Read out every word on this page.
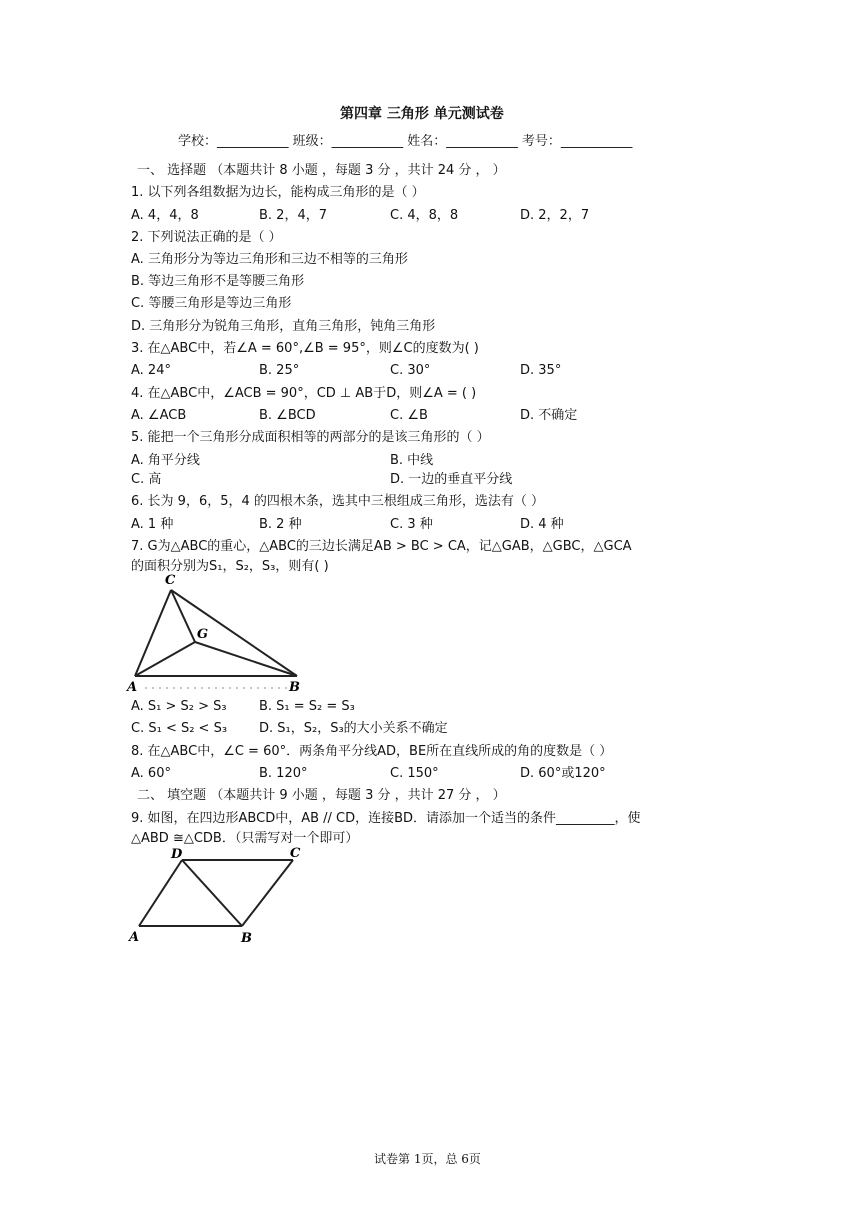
第四章 三角形 单元测试卷
学校：___________ 班级：___________ 姓名：___________ 考号：___________
一、 选择题 （本题共计 8 小题 ，每题 3 分 ，共计 24 分 ， ）
1. 以下列各组数据为边长，能构成三角形的是（ ）
A. 4，4，8	B. 2，4，7	C. 4，8，8	D. 2，2，7
2. 下列说法正确的是（ ）
A. 三角形分为等边三角形和三边不相等的三角形
B. 等边三角形不是等腰三角形
C. 等腰三角形是等边三角形
D. 三角形分为锐角三角形，直角三角形，钝角三角形
3. 在△ABC中，若∠A = 60°,∠B = 95°，则∠C的度数为( )
A. 24°	B. 25°	C. 30°	D. 35°
4. 在△ABC中，∠ACB = 90°，CD ⊥ AB于D，则∠A = ( )
A. ∠ACB	B. ∠BCD	C. ∠B	D. 不确定
5. 能把一个三角形分成面积相等的两部分的是该三角形的（ ）
A. 角平分线	B. 中线
C. 高	D. 一边的垂直平分线
6. 长为 9，6，5，4 的四根木条，选其中三根组成三角形，选法有（ ）
A. 1 种	B. 2 种	C. 3 种	D. 4 种
7. G为△ABC的重心，△ABC的三边长满足AB > BC > CA，记△GAB，△GBC，△GCA
的面积分别为S₁，S₂，S₃，则有( )
C
G
A	B
A. S₁ > S₂ > S₃ B. S₁ = S₂ = S₃
C. S₁ < S₂ < S₃ D. S₁，S₂，S₃的大小关系不确定
8. 在△ABC中，∠C = 60°．两条角平分线AD，BE所在直线所成的角的度数是（ ）
A. 60°	B. 120°	C. 150°	D. 60°或120°
二、 填空题 （本题共计 9 小题 ，每题 3 分 ，共计 27 分 ， ）
9. 如图，在四边形ABCD中，AB // CD，连接BD．请添加一个适当的条件_________，使
△ABD ≅△CDB．（只需写对一个即可）
D	C
A	B
试卷第 1页，总 6页
